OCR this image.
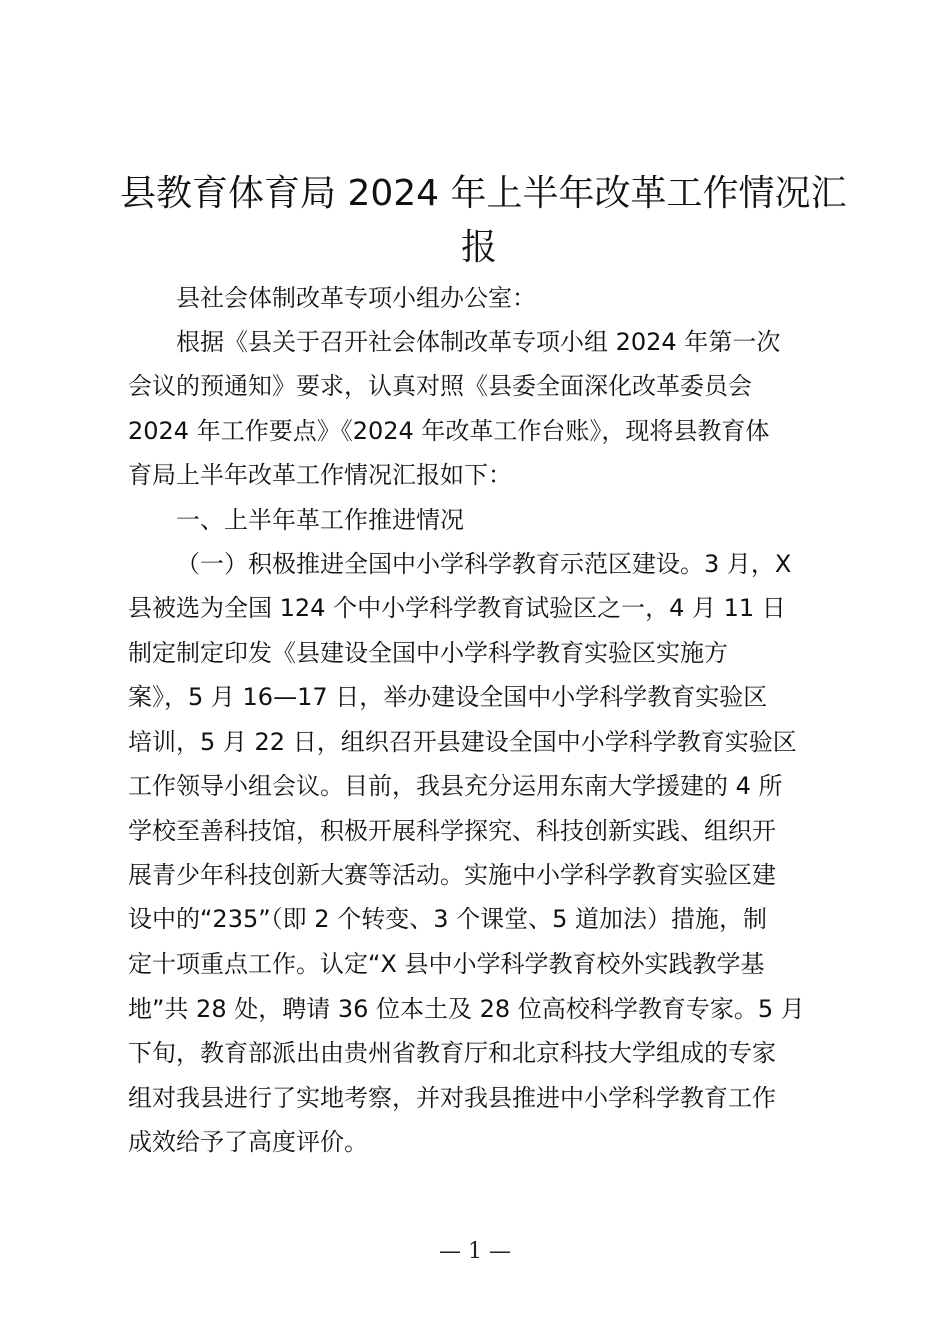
县教育体育局 2024 年上半年改革工作情况汇
报

县社会体制改革专项小组办公室：

根据《县关于召开社会体制改革专项小组 2024 年第一次

会议的预通知》要求，认真对照《县委全面深化改革委员会

2024 年工作要点》《2024 年改革工作台账》，现将县教育体

育局上半年改革工作情况汇报如下：

一、上半年革工作推进情况

（一）积极推进全国中小学科学教育示范区建设。3 月，X

县被选为全国 124 个中小学科学教育试验区之一，4 月 11 日

制定制定印发《县建设全国中小学科学教育实验区实施方

案》，5 月 16—17 日，举办建设全国中小学科学教育实验区

培训，5 月 22 日，组织召开县建设全国中小学科学教育实验区

工作领导小组会议。目前，我县充分运用东南大学援建的 4 所

学校至善科技馆，积极开展科学探究、科技创新实践、组织开

展青少年科技创新大赛等活动。实施中小学科学教育实验区建

设中的“235”（即 2 个转变、3 个课堂、5 道加法）措施，制

定十项重点工作。认定“X 县中小学科学教育校外实践教学基

地”共 28 处，聘请 36 位本土及 28 位高校科学教育专家。5 月

下旬，教育部派出由贵州省教育厅和北京科技大学组成的专家

组对我县进行了实地考察，并对我县推进中小学科学教育工作

成效给予了高度评价。

— 1 —
